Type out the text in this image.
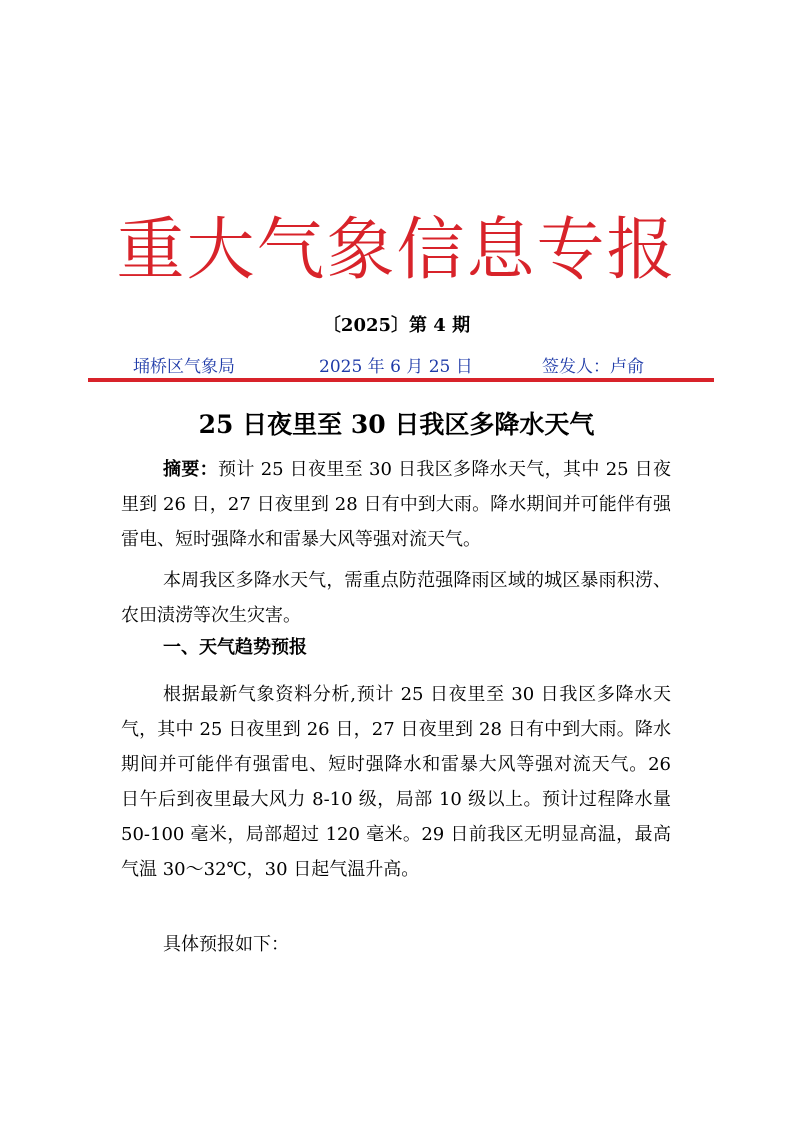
重大气象信息专报
〔2025〕第 4 期
埇桥区气象局	2025 年 6 月 25 日	签发人：卢俞
25 日夜里至 30 日我区多降水天气

摘要：预计 25 日夜里至 30 日我区多降水天气，其中 25 日夜里到 26 日，27 日夜里到 28 日有中到大雨。降水期间并可能伴有强雷电、短时强降水和雷暴大风等强对流天气。

本周我区多降水天气，需重点防范强降雨区域的城区暴雨积涝、农田渍涝等次生灾害。

一、天气趋势预报

根据最新气象资料分析,预计 25 日夜里至 30 日我区多降水天气，其中 25 日夜里到 26 日，27 日夜里到 28 日有中到大雨。降水期间并可能伴有强雷电、短时强降水和雷暴大风等强对流天气。26 日午后到夜里最大风力 8-10 级，局部 10 级以上。预计过程降水量 50-100 毫米，局部超过 120 毫米。29 日前我区无明显高温，最高气温 30～32℃，30 日起气温升高。

具体预报如下：
